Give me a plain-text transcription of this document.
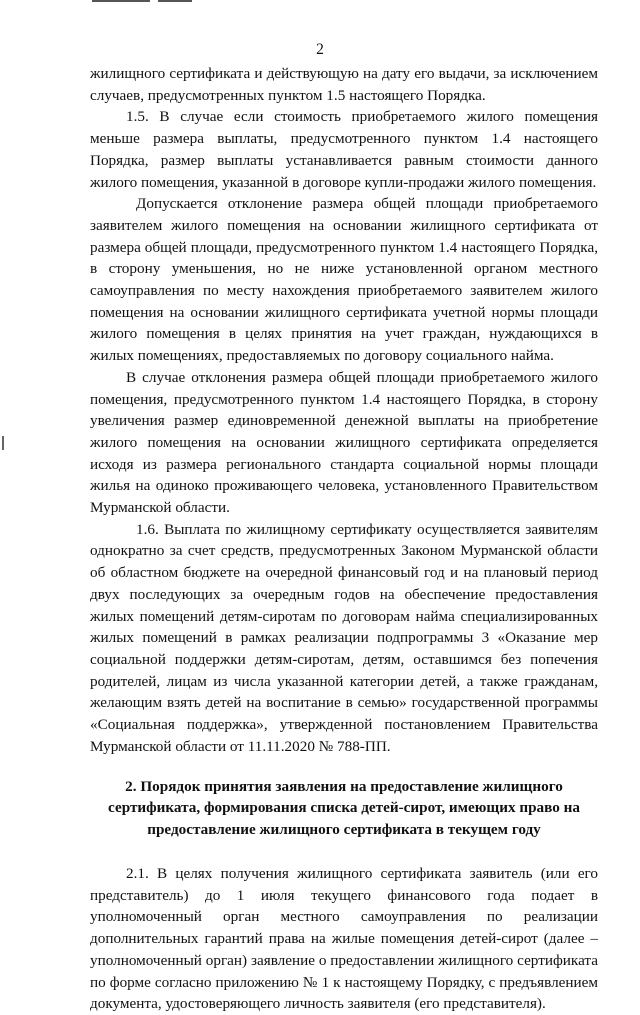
2

жилищного сертификата и действующую на дату его выдачи, за исключением случаев, предусмотренных пунктом 1.5 настоящего Порядка.

1.5. В случае если стоимость приобретаемого жилого помещения меньше размера выплаты, предусмотренного пунктом 1.4 настоящего Порядка, размер выплаты устанавливается равным стоимости данного жилого помещения, указанной в договоре купли-продажи жилого помещения.

Допускается отклонение размера общей площади приобретаемого заявителем жилого помещения на основании жилищного сертификата от размера общей площади, предусмотренного пунктом 1.4 настоящего Порядка, в сторону уменьшения, но не ниже установленной органом местного самоуправления по месту нахождения приобретаемого заявителем жилого помещения на основании жилищного сертификата учетной нормы площади жилого помещения в целях принятия на учет граждан, нуждающихся в жилых помещениях, предоставляемых по договору социального найма.

В случае отклонения размера общей площади приобретаемого жилого помещения, предусмотренного пунктом 1.4 настоящего Порядка, в сторону увеличения размер единовременной денежной выплаты на приобретение жилого помещения на основании жилищного сертификата определяется исходя из размера регионального стандарта социальной нормы площади жилья на одиноко проживающего человека, установленного Правительством Мурманской области.

1.6. Выплата по жилищному сертификату осуществляется заявителям однократно за счет средств, предусмотренных Законом Мурманской области об областном бюджете на очередной финансовый год и на плановый период двух последующих за очередным годов на обеспечение предоставления жилых помещений детям-сиротам по договорам найма специализированных жилых помещений в рамках реализации подпрограммы 3 «Оказание мер социальной поддержки детям-сиротам, детям, оставшимся без попечения родителей, лицам из числа указанной категории детей, а также гражданам, желающим взять детей на воспитание в семью» государственной программы «Социальная поддержка», утвержденной постановлением Правительства Мурманской области от 11.11.2020 № 788-ПП.

2. Порядок принятия заявления на предоставление жилищного сертификата, формирования списка детей-сирот, имеющих право на предоставление жилищного сертификата в текущем году

2.1. В целях получения жилищного сертификата заявитель (или его представитель) до 1 июля текущего финансового года подает в уполномоченный орган местного самоуправления по реализации дополнительных гарантий права на жилые помещения детей-сирот (далее – уполномоченный орган) заявление о предоставлении жилищного сертификата по форме согласно приложению № 1 к настоящему Порядку, с предъявлением документа, удостоверяющего личность заявителя (его представителя).
